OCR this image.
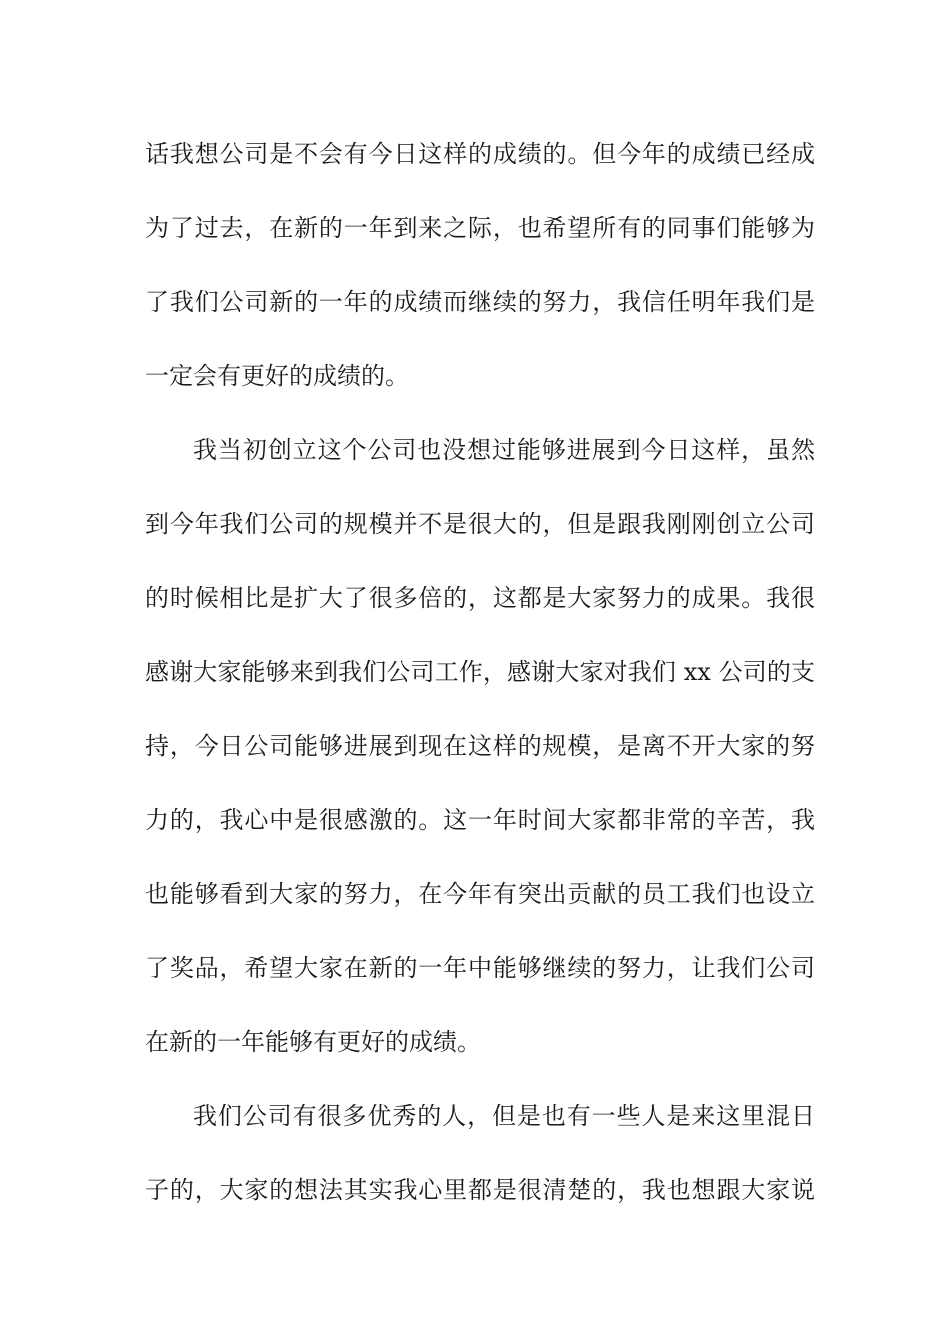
话我想公司是不会有今日这样的成绩的。但今年的成绩已经成
为了过去，在新的一年到来之际，也希望所有的同事们能够为
了我们公司新的一年的成绩而继续的努力，我信任明年我们是
一定会有更好的成绩的。
我当初创立这个公司也没想过能够进展到今日这样，虽然
到今年我们公司的规模并不是很大的，但是跟我刚刚创立公司
的时候相比是扩大了很多倍的，这都是大家努力的成果。我很
感谢大家能够来到我们公司工作，感谢大家对我们 xx 公司的支
持，今日公司能够进展到现在这样的规模，是离不开大家的努
力的，我心中是很感激的。这一年时间大家都非常的辛苦，我
也能够看到大家的努力，在今年有突出贡献的员工我们也设立
了奖品，希望大家在新的一年中能够继续的努力，让我们公司
在新的一年能够有更好的成绩。
我们公司有很多优秀的人，但是也有一些人是来这里混日
子的，大家的想法其实我心里都是很清楚的，我也想跟大家说
